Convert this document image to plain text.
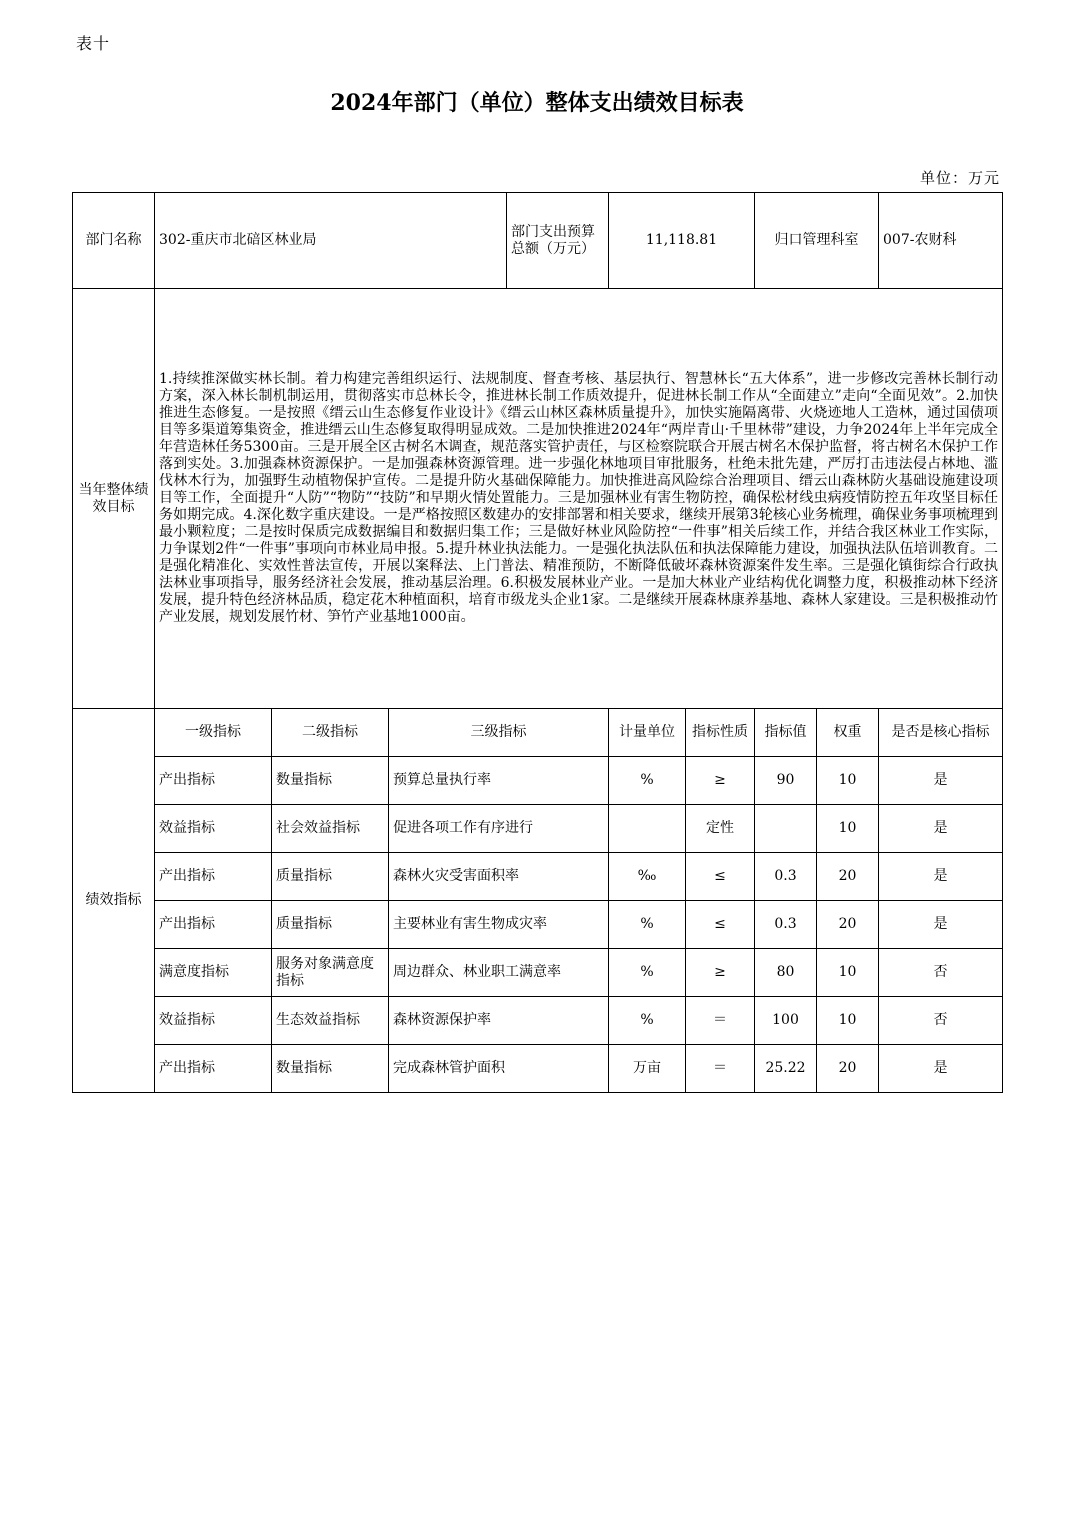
表十
2024年部门（单位）整体支出绩效目标表
单位：万元
部门名称	302-重庆市北碚区林业局			部门支出预算总额（万元）	11,118.81		归口管理科室		007-农财科
当年整体绩效目标	1.持续推深做实林长制。着力构建完善组织运行、法规制度、督查考核、基层执行、智慧林长“五大体系”，进一步修改完善林长制行动方案，深入林长制机制运用，贯彻落实市总林长令，推进林长制工作质效提升，促进林长制工作从“全面建立”走向“全面见效”。2.加快推进生态修复。一是按照《缙云山生态修复作业设计》《缙云山林区森林质量提升》，加快实施隔离带、火烧迹地人工造林，通过国债项目等多渠道筹集资金，推进缙云山生态修复取得明显成效。二是加快推进2024年“两岸青山·千里林带”建设，力争2024年上半年完成全年营造林任务5300亩。三是开展全区古树名木调查，规范落实管护责任，与区检察院联合开展古树名木保护监督，将古树名木保护工作落到实处。3.加强森林资源保护。一是加强森林资源管理。进一步强化林地项目审批服务，杜绝未批先建，严厉打击违法侵占林地、滥伐林木行为，加强野生动植物保护宣传。二是提升防火基础保障能力。加快推进高风险综合治理项目、缙云山森林防火基础设施建设项目等工作，全面提升“人防”“物防”“技防”和早期火情处置能力。三是加强林业有害生物防控，确保松材线虫病疫情防控五年攻坚目标任务如期完成。4.深化数字重庆建设。一是严格按照区数建办的安排部署和相关要求，继续开展第3轮核心业务梳理，确保业务事项梳理到最小颗粒度；二是按时保质完成数据编目和数据归集工作；三是做好林业风险防控“一件事”相关后续工作，并结合我区林业工作实际，力争谋划2件“一件事”事项向市林业局申报。5.提升林业执法能力。一是强化执法队伍和执法保障能力建设，加强执法队伍培训教育。二是强化精准化、实效性普法宣传，开展以案释法、上门普法、精准预防，不断降低破坏森林资源案件发生率。三是强化镇街综合行政执法林业事项指导，服务经济社会发展，推动基层治理。6.积极发展林业产业。一是加大林业产业结构优化调整力度，积极推动林下经济发展，提升特色经济林品质，稳定花木种植面积，培育市级龙头企业1家。二是继续开展森林康养基地、森林人家建设。三是积极推动竹产业发展，规划发展竹材、笋竹产业基地1000亩。								
绩效指标	一级指标	二级指标	三级指标		计量单位	指标性质	指标值	权重	是否是核心指标
	产出指标	数量指标	预算总量执行率		%	≥	90	10	是
	效益指标	社会效益指标	促进各项工作有序进行			定性		10	是
	产出指标	质量指标	森林火灾受害面积率		‰	≤	0.3	20	是
	产出指标	质量指标	主要林业有害生物成灾率		%	≤	0.3	20	是
	满意度指标	服务对象满意度指标	周边群众、林业职工满意率		%	≥	80	10	否
	效益指标	生态效益指标	森林资源保护率		%	＝	100	10	否
	产出指标	数量指标	完成森林管护面积		万亩	＝	25.22	20	是
